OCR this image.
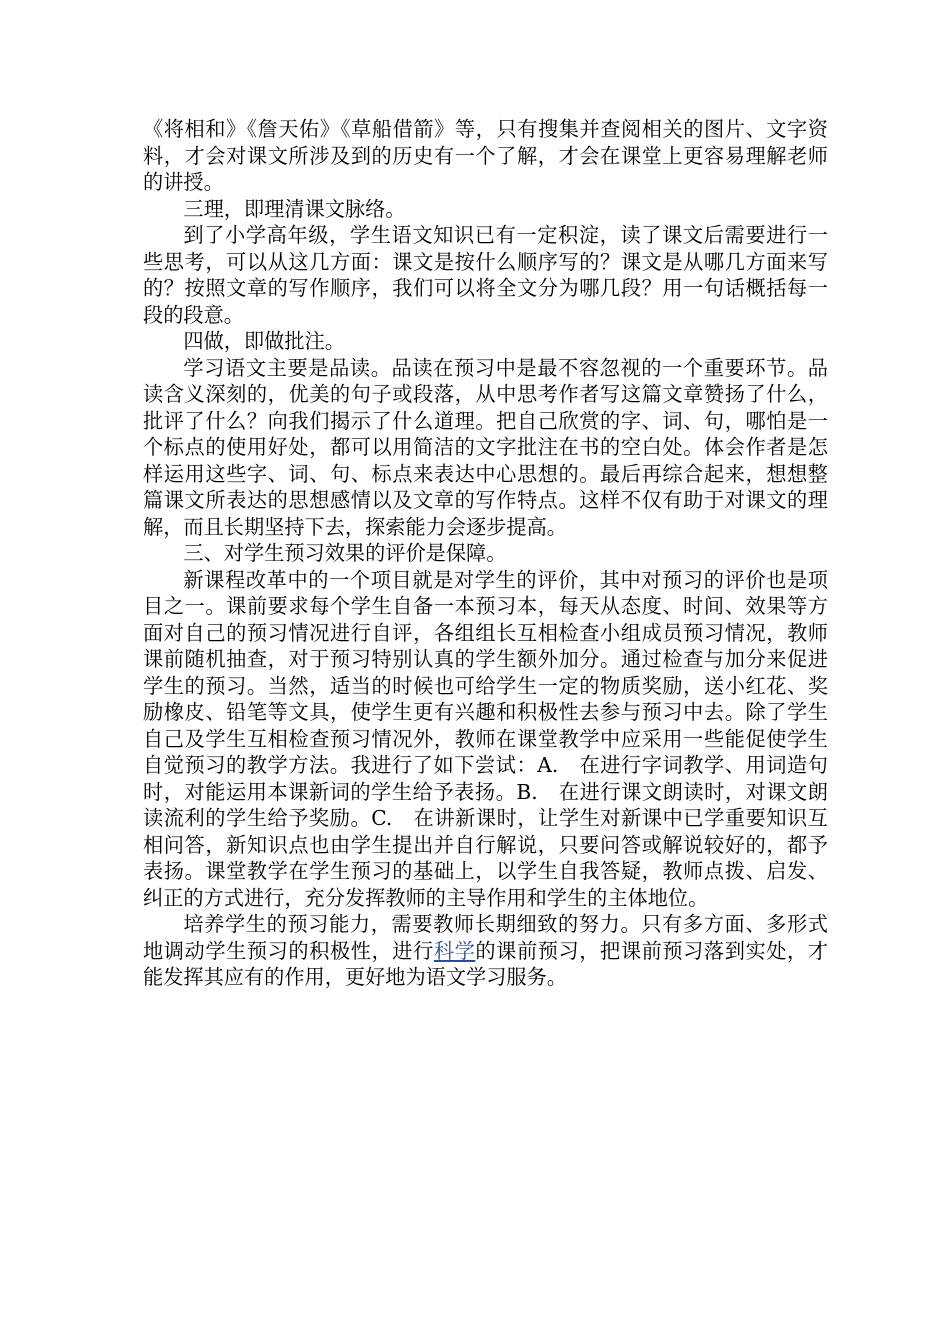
《将相和》《詹天佑》《草船借箭》等，只有搜集并查阅相关的图片、文字资料，才会对课文所涉及到的历史有一个了解，才会在课堂上更容易理解老师的讲授。

三理，即理清课文脉络。

到了小学高年级，学生语文知识已有一定积淀，读了课文后需要进行一些思考，可以从这几方面：课文是按什么顺序写的？课文是从哪几方面来写的？按照文章的写作顺序，我们可以将全文分为哪几段？用一句话概括每一段的段意。

四做，即做批注。

学习语文主要是品读。品读在预习中是最不容忽视的一个重要环节。品读含义深刻的，优美的句子或段落，从中思考作者写这篇文章赞扬了什么，批评了什么？向我们揭示了什么道理。把自己欣赏的字、词、句，哪怕是一个标点的使用好处，都可以用简洁的文字批注在书的空白处。体会作者是怎样运用这些字、词、句、标点来表达中心思想的。最后再综合起来，想想整篇课文所表达的思想感情以及文章的写作特点。这样不仅有助于对课文的理解，而且长期坚持下去，探索能力会逐步提高。

三、对学生预习效果的评价是保障。

新课程改革中的一个项目就是对学生的评价，其中对预习的评价也是项目之一。课前要求每个学生自备一本预习本，每天从态度、时间、效果等方面对自己的预习情况进行自评，各组组长互相检查小组成员预习情况，教师课前随机抽查，对于预习特别认真的学生额外加分。通过检查与加分来促进学生的预习。当然，适当的时候也可给学生一定的物质奖励，送小红花、奖励橡皮、铅笔等文具，使学生更有兴趣和积极性去参与预习中去。除了学生自己及学生互相检查预习情况外，教师在课堂教学中应采用一些能促使学生自觉预习的教学方法。我进行了如下尝试：A.　在进行字词教学、用词造句时，对能运用本课新词的学生给予表扬。B.　在进行课文朗读时，对课文朗读流利的学生给予奖励。C.　在讲新课时，让学生对新课中已学重要知识互相问答，新知识点也由学生提出并自行解说，只要问答或解说较好的，都予表扬。课堂教学在学生预习的基础上，以学生自我答疑，教师点拨、启发、纠正的方式进行，充分发挥教师的主导作用和学生的主体地位。

培养学生的预习能力，需要教师长期细致的努力。只有多方面、多形式地调动学生预习的积极性，进行科学的课前预习，把课前预习落到实处，才能发挥其应有的作用，更好地为语文学习服务。
